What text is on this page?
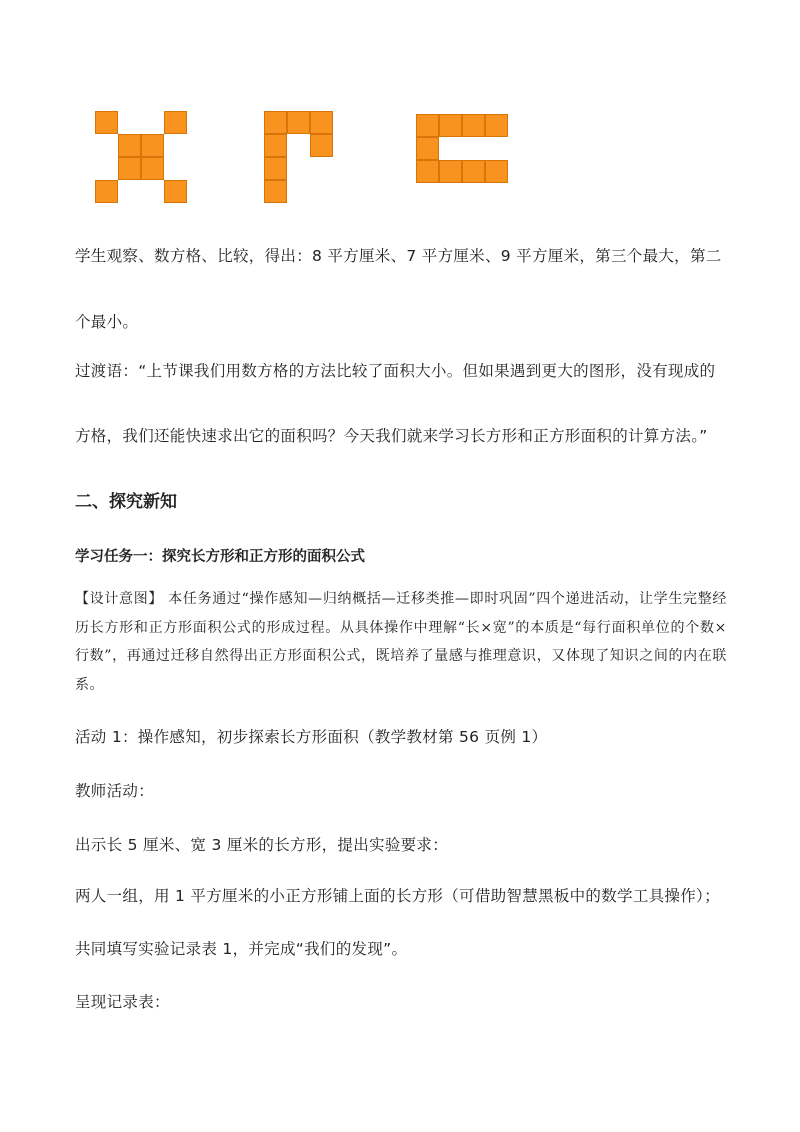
学生观察、数方格、比较，得出：8 平方厘米、7 平方厘米、9 平方厘米，第三个最大，第二
个最小。
过渡语：“上节课我们用数方格的方法比较了面积大小。但如果遇到更大的图形，没有现成的
方格，我们还能快速求出它的面积吗？今天我们就来学习长方形和正方形面积的计算方法。”
二、探究新知
学习任务一：探究长方形和正方形的面积公式
【设计意图】 本任务通过“操作感知—归纳概括—迁移类推—即时巩固”四个递进活动，让学生完整经历长方形和正方形面积公式的形成过程。从具体操作中理解“长×宽”的本质是“每行面积单位的个数×行数”，再通过迁移自然得出正方形面积公式，既培养了量感与推理意识，又体现了知识之间的内在联系。
活动 1：操作感知，初步探索长方形面积（教学教材第 56 页例 1）
教师活动：
出示长 5 厘米、宽 3 厘米的长方形，提出实验要求：
两人一组，用 1 平方厘米的小正方形铺上面的长方形（可借助智慧黑板中的数学工具操作）；
共同填写实验记录表 1，并完成“我们的发现”。
呈现记录表：
